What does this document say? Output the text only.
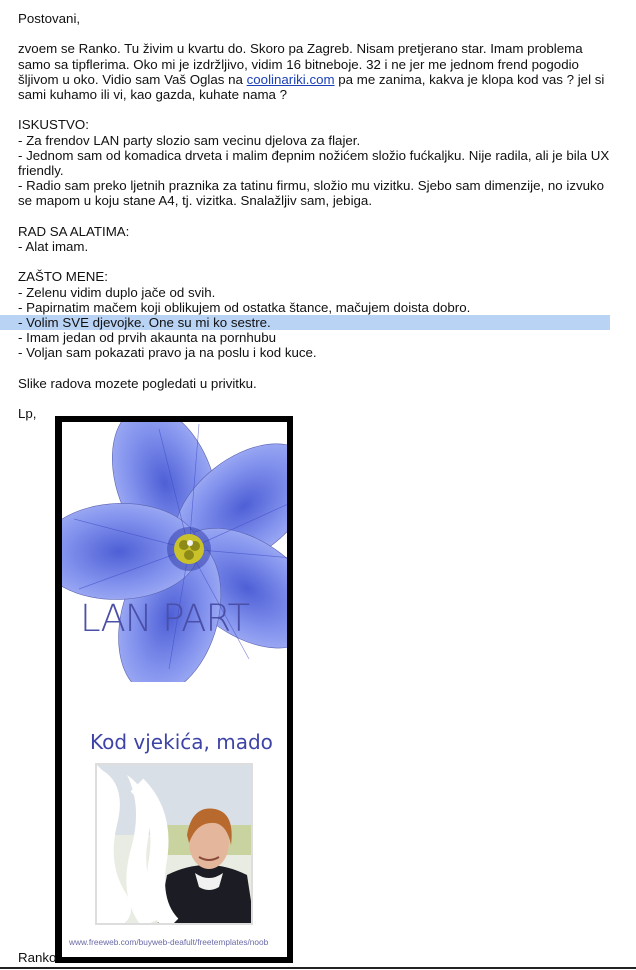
Postovani,

zvoem se Ranko. Tu živim u kvartu do. Skoro pa Zagreb. Nisam pretjerano star. Imam problema samo sa tipflerima. Oko mi je izdržljivo, vidim 16 bitneboje. 32 i ne jer me jednom frend pogodio šljivom u oko. Vidio sam Vaš Oglas na coolinariki.com pa me zanima, kakva je klopa kod vas ? jel si sami kuhamo ili vi, kao gazda, kuhate nama ?

ISKUSTVO:

- Za frendov LAN party slozio sam vecinu djelova za flajer.

- Jednom sam od komadica drveta i malim đepnim nožićem složio fućkaljku. Nije radila, ali je bila UX friendly.

- Radio sam preko ljetnih praznika za tatinu firmu, složio mu vizitku. Sjebo sam dimenzije, no izvuko se mapom u koju stane A4, tj. vizitka. Snalažljiv sam, jebiga.

RAD SA ALATIMA:

- Alat imam.

ZAŠTO MENE:

- Zelenu vidim duplo jače od svih.

- Papirnatim mačem koji oblikujem od ostatka štance, mačujem doista dobro.

- Volim SVE djevojke. One su mi ko sestre.

- Imam jedan od prvih akaunta na pornhubu

- Voljan sam pokazati pravo ja na poslu i kod kuce.

Slike radova mozete pogledati u privitku.

Lp,

LAN PART
Kod vjekića, mado
www.freeweb.com/buyweb-deafult/freetemplates/noob
Ranko
